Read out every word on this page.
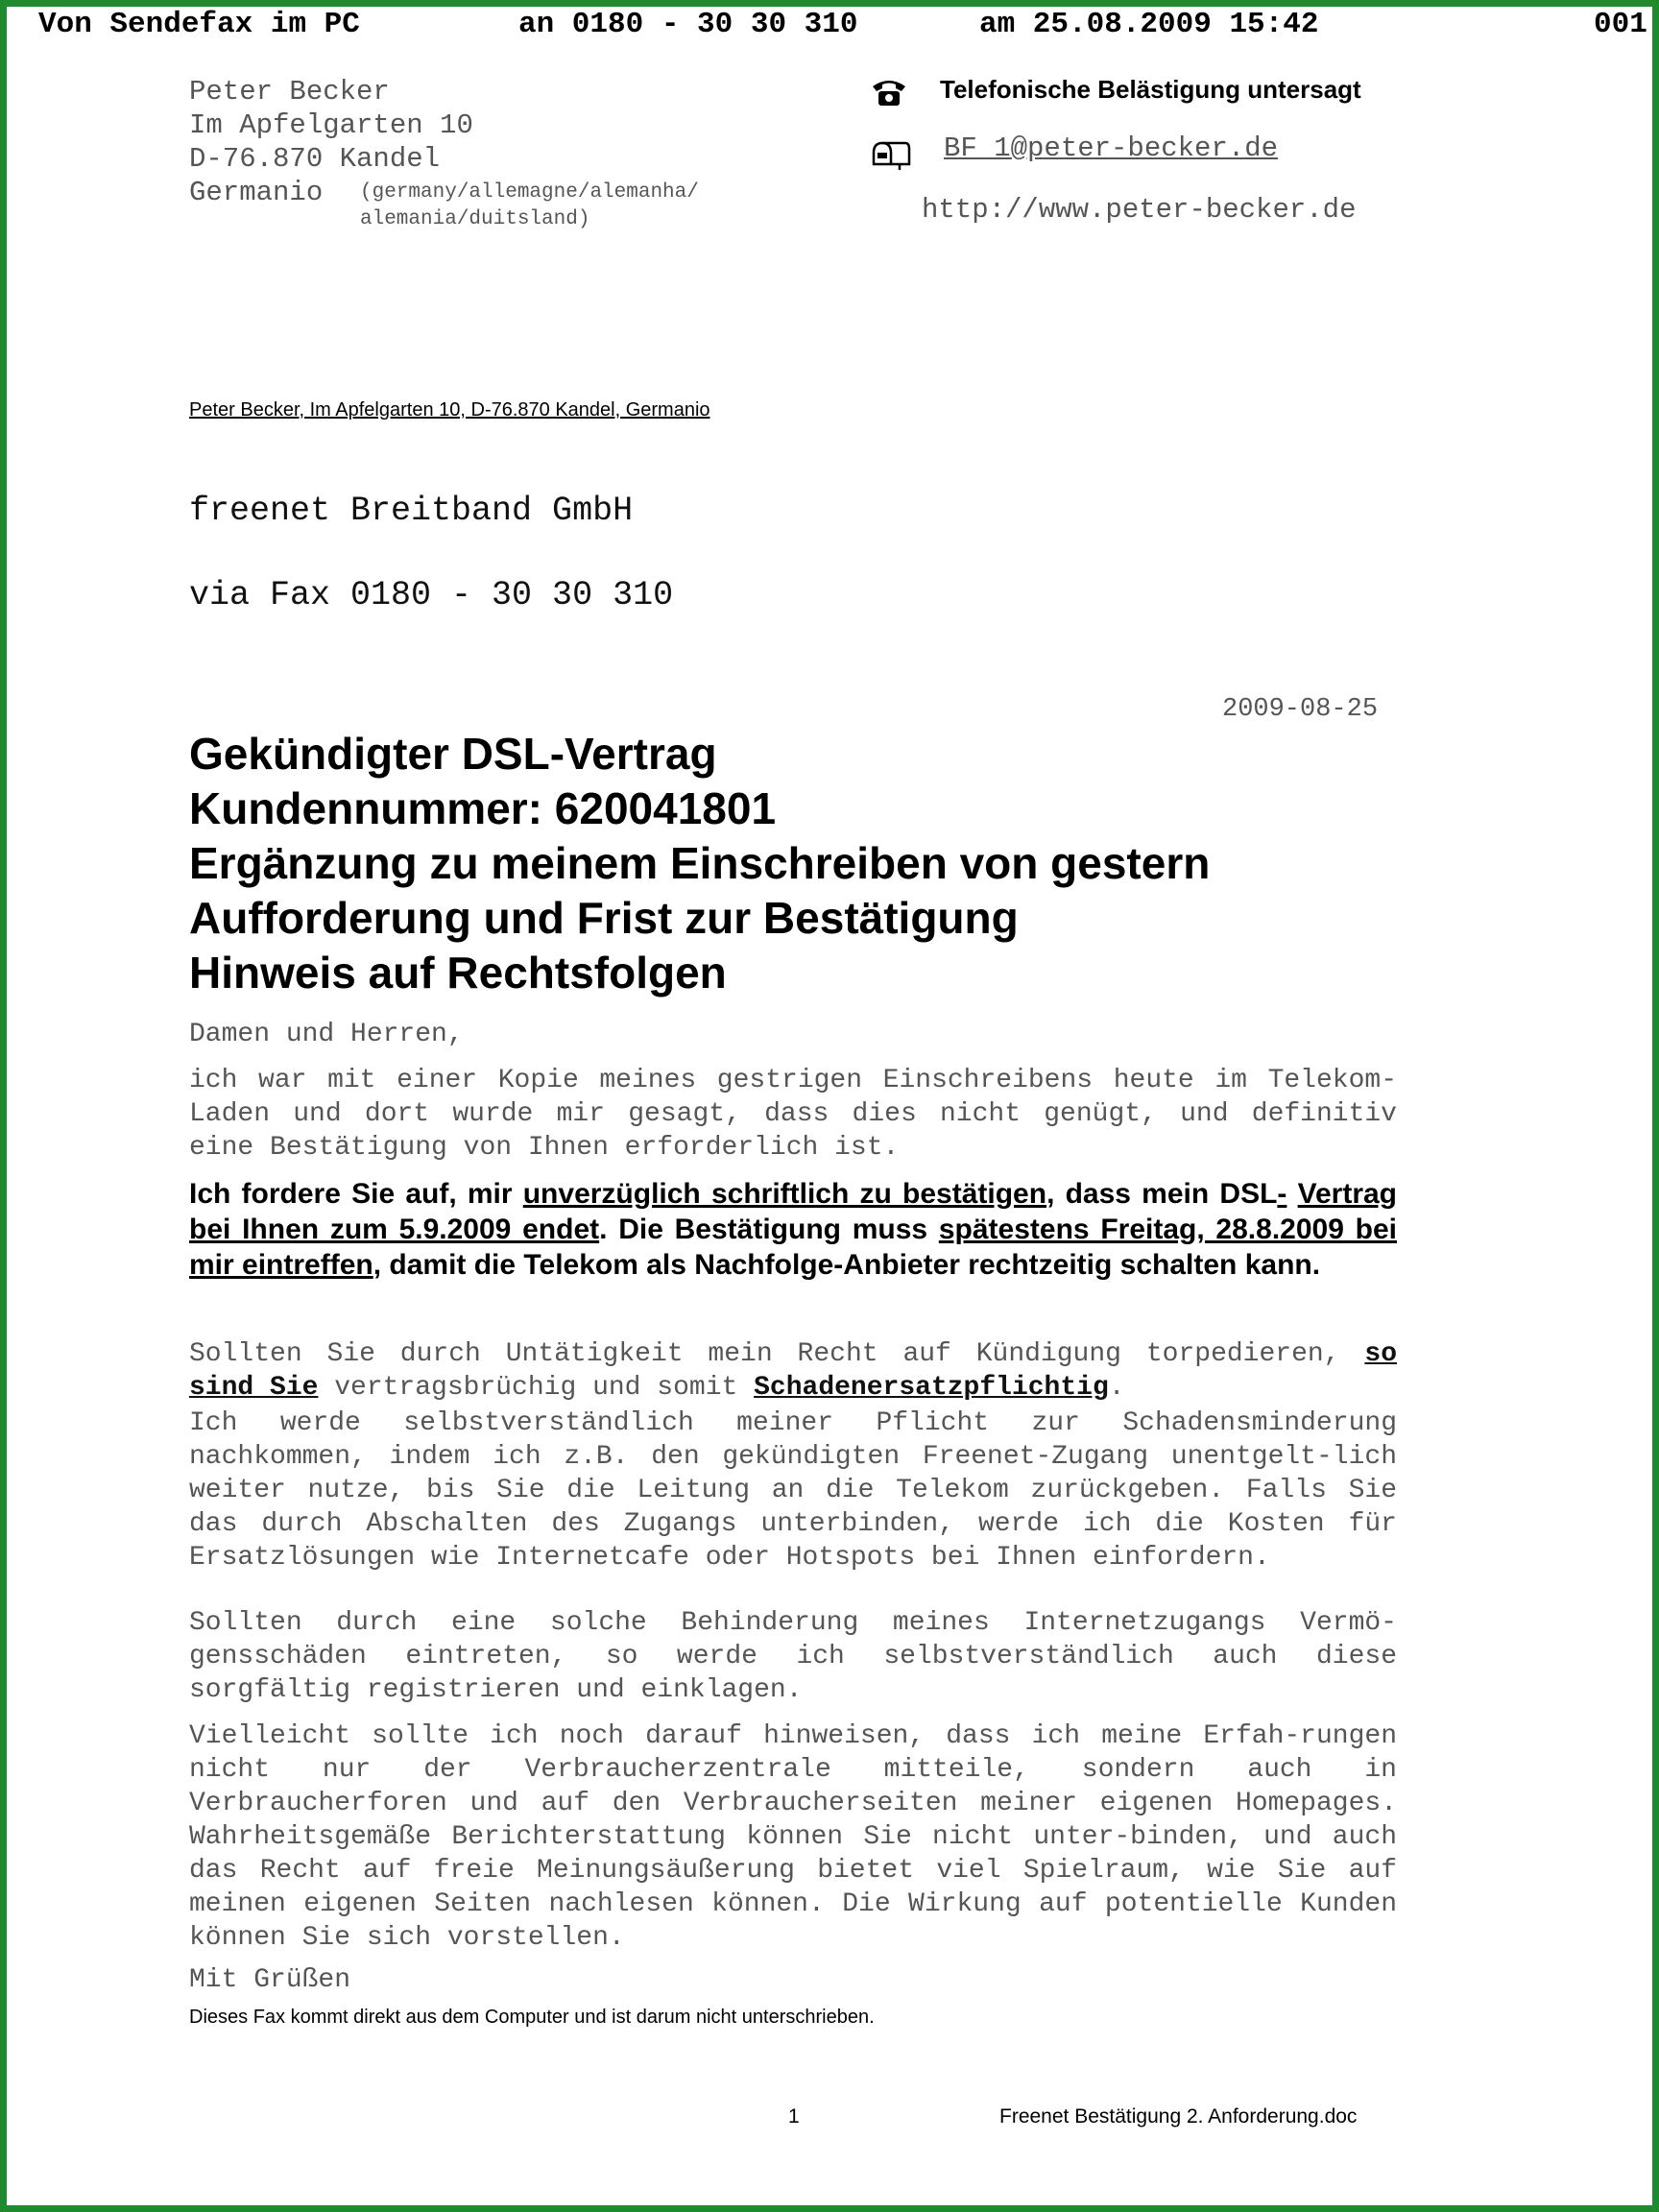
Von Sendefax im PC	an 0180 - 30 30 310	am 25.08.2009 15:42	001
Peter Becker
Im Apfelgarten 10
D-76.870 Kandel
Germanio (germany/allemagne/alemanha/
alemania/duitsland)
Telefonische Belästigung untersagt
BF 1@peter-becker.de
http://www.peter-becker.de
Peter Becker, Im Apfelgarten 10, D-76.870 Kandel, Germanio
freenet Breitband GmbH
via Fax 0180 - 30 30 310
2009-08-25
Gekündigter DSL-Vertrag
Kundennummer: 620041801
Ergänzung zu meinem Einschreiben von gestern
Aufforderung und Frist zur Bestätigung
Hinweis auf Rechtsfolgen
Damen und Herren,
ich war mit einer Kopie meines gestrigen Einschreibens heute im Telekom-Laden und dort wurde mir gesagt, dass dies nicht genügt, und definitiv eine Bestätigung von Ihnen erforderlich ist.
Ich fordere Sie auf, mir unverzüglich schriftlich zu bestätigen, dass mein DSL- Vertrag bei Ihnen zum 5.9.2009 endet. Die Bestätigung muss spätestens Freitag, 28.8.2009 bei mir eintreffen, damit die Telekom als Nachfolge-Anbieter rechtzeitig schalten kann.
Sollten Sie durch Untätigkeit mein Recht auf Kündigung torpedieren, so sind Sie vertragsbrüchig und somit Schadenersatzpflichtig.
Ich werde selbstverständlich meiner Pflicht zur Schadensminderung nachkommen, indem ich z.B. den gekündigten Freenet-Zugang unentgelt-lich weiter nutze, bis Sie die Leitung an die Telekom zurückgeben. Falls Sie das durch Abschalten des Zugangs unterbinden, werde ich die Kosten für Ersatzlösungen wie Internetcafe oder Hotspots bei Ihnen einfordern.
Sollten durch eine solche Behinderung meines Internetzugangs Vermö-gensschäden eintreten, so werde ich selbstverständlich auch diese sorgfältig registrieren und einklagen.
Vielleicht sollte ich noch darauf hinweisen, dass ich meine Erfah-rungen nicht nur der Verbraucherzentrale mitteile, sondern auch in Verbraucherforen und auf den Verbraucherseiten meiner eigenen Homepages. Wahrheitsgemäße Berichterstattung können Sie nicht unter-binden, und auch das Recht auf freie Meinungsäußerung bietet viel Spielraum, wie Sie auf meinen eigenen Seiten nachlesen können. Die Wirkung auf potentielle Kunden können Sie sich vorstellen.
Mit Grüßen
Dieses Fax kommt direkt aus dem Computer und ist darum nicht unterschrieben.
1	Freenet Bestätigung 2. Anforderung.doc
